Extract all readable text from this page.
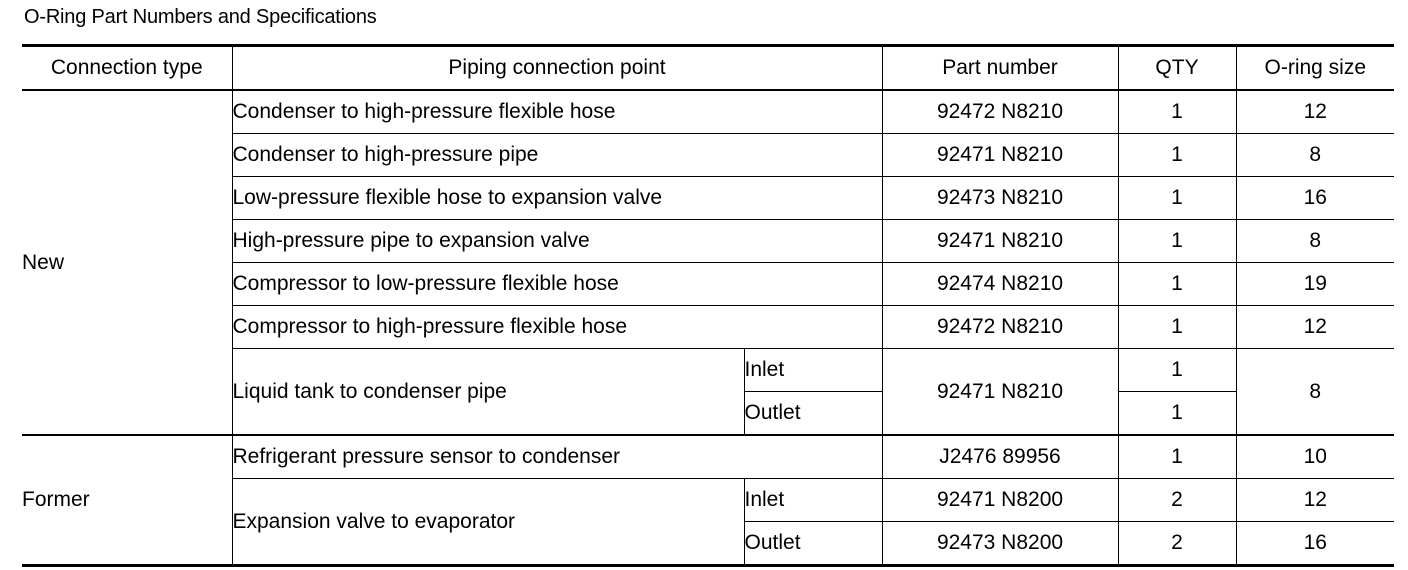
O-Ring Part Numbers and Specifications
Connection type	Piping connection point		Part number	QTY	O-ring size
New	Condenser to high-pressure flexible hose		92472 N8210	1	12
	Condenser to high-pressure pipe		92471 N8210	1	8
	Low-pressure flexible hose to expansion valve		92473 N8210	1	16
	High-pressure pipe to expansion valve		92471 N8210	1	8
	Compressor to low-pressure flexible hose		92474 N8210	1	19
	Compressor to high-pressure flexible hose		92472 N8210	1	12
	Liquid tank to condenser pipe	Inlet	92471 N8210	1	8
		Outlet		1	
Former	Refrigerant pressure sensor to condenser		J2476 89956	1	10
	Expansion valve to evaporator	Inlet	92471 N8200	2	12
		Outlet	92473 N8200	2	16
